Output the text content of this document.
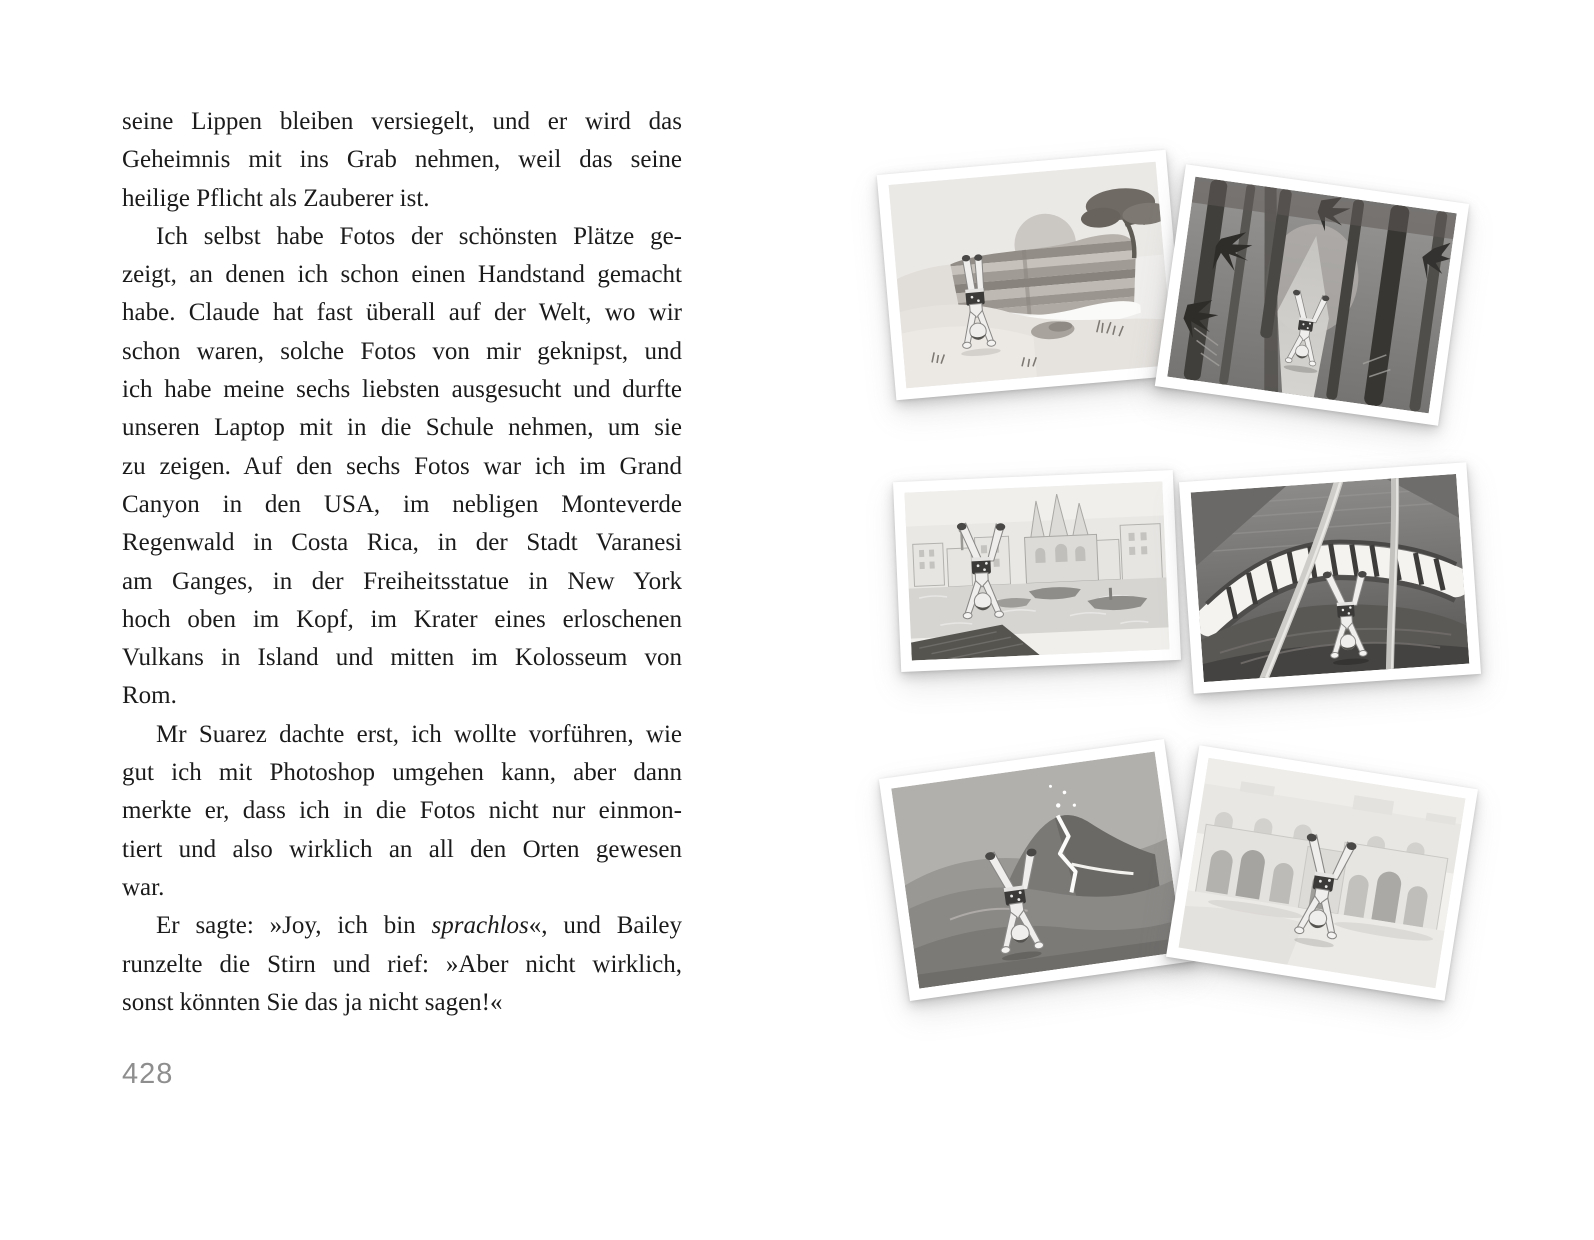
seine Lippen bleiben versiegelt, und er wird das
Geheimnis mit ins Grab nehmen, weil das seine
heilige Pflicht als Zauberer ist.
Ich selbst habe Fotos der schönsten Plätze ge-
zeigt, an denen ich schon einen Handstand gemacht
habe. Claude hat fast überall auf der Welt, wo wir
schon waren, solche Fotos von mir geknipst, und
ich habe meine sechs liebsten ausgesucht und durfte
unseren Laptop mit in die Schule nehmen, um sie
zu zeigen. Auf den sechs Fotos war ich im Grand
Canyon in den USA, im nebligen Monteverde
Regenwald in Costa Rica, in der Stadt Varanesi
am Ganges, in der Freiheitsstatue in New York
hoch oben im Kopf, im Krater eines erloschenen
Vulkans in Island und mitten im Kolosseum von
Rom.
Mr Suarez dachte erst, ich wollte vorführen, wie
gut ich mit Photoshop umgehen kann, aber dann
merkte er, dass ich in die Fotos nicht nur einmon-
tiert und also wirklich an all den Orten gewesen
war.
Er sagte: »Joy, ich bin sprachlos«, und Bailey
runzelte die Stirn und rief: »Aber nicht wirklich,
sonst könnten Sie das ja nicht sagen!«
428
